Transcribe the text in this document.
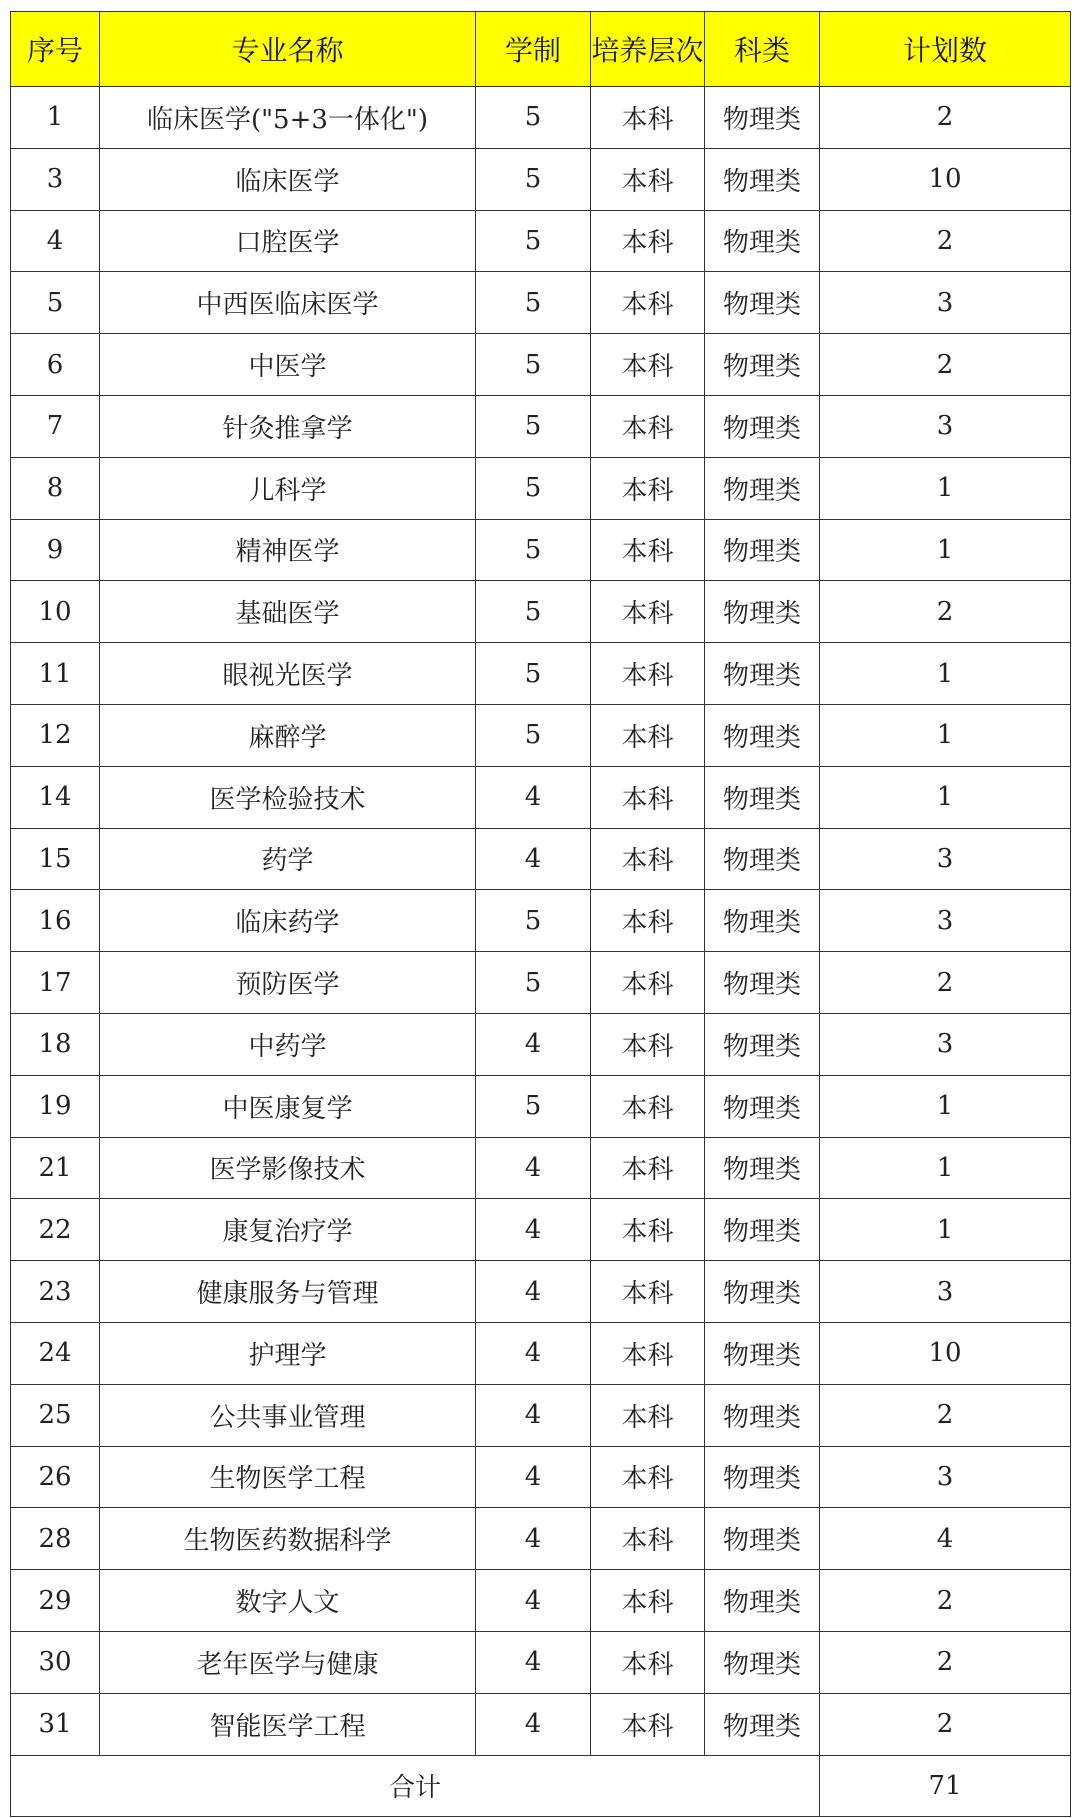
序号	专业名称	学制	培养层次	科类	计划数
1	临床医学("5+3一体化")	5	本科	物理类	2
3	临床医学	5	本科	物理类	10
4	口腔医学	5	本科	物理类	2
5	中西医临床医学	5	本科	物理类	3
6	中医学	5	本科	物理类	2
7	针灸推拿学	5	本科	物理类	3
8	儿科学	5	本科	物理类	1
9	精神医学	5	本科	物理类	1
10	基础医学	5	本科	物理类	2
11	眼视光医学	5	本科	物理类	1
12	麻醉学	5	本科	物理类	1
14	医学检验技术	4	本科	物理类	1
15	药学	4	本科	物理类	3
16	临床药学	5	本科	物理类	3
17	预防医学	5	本科	物理类	2
18	中药学	4	本科	物理类	3
19	中医康复学	5	本科	物理类	1
21	医学影像技术	4	本科	物理类	1
22	康复治疗学	4	本科	物理类	1
23	健康服务与管理	4	本科	物理类	3
24	护理学	4	本科	物理类	10
25	公共事业管理	4	本科	物理类	2
26	生物医学工程	4	本科	物理类	3
28	生物医药数据科学	4	本科	物理类	4
29	数字人文	4	本科	物理类	2
30	老年医学与健康	4	本科	物理类	2
31	智能医学工程	4	本科	物理类	2
合计					71
